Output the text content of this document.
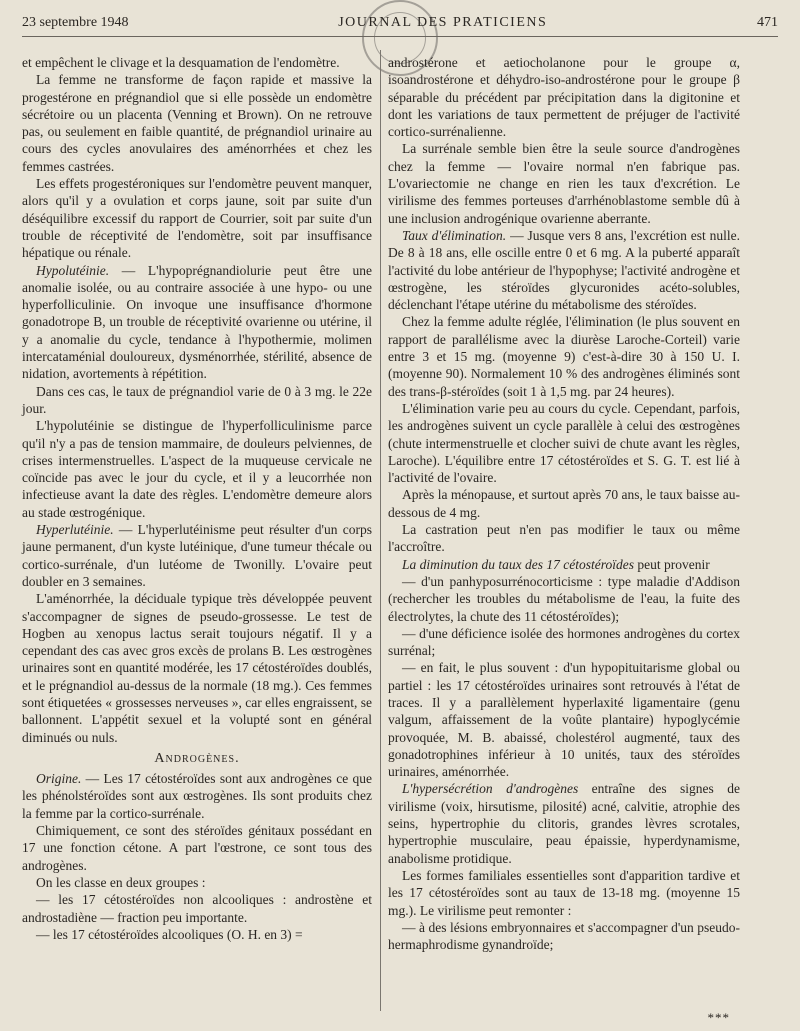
23 septembre 1948	JOURNAL DES PRATICIENS	471

et empêchent le clivage et la desquamation de l'endomètre.

La femme ne transforme de façon rapide et massive la progestérone en prégnandiol que si elle possède un endomètre sécrétoire ou un placenta (Venning et Brown). On ne retrouve pas, ou seulement en faible quantité, de prégnandiol urinaire au cours des cycles anovulaires des aménorrhées et chez les femmes castrées.

Les effets progestéroniques sur l'endomètre peuvent manquer, alors qu'il y a ovulation et corps jaune, soit par suite d'un déséquilibre excessif du rapport de Courrier, soit par suite d'un trouble de réceptivité de l'endomètre, soit par insuffisance hépatique ou rénale.

Hypolutéinie. — L'hypoprégnandiolurie peut être une anomalie isolée, ou au contraire associée à une hypo- ou une hyperfolliculinie. On invoque une insuffisance d'hormone gonadotrope B, un trouble de réceptivité ovarienne ou utérine, il y a anomalie du cycle, tendance à l'hypothermie, molimen intercataménial douloureux, dysménorrhée, stérilité, absence de nidation, avortements à répétition.

Dans ces cas, le taux de prégnandiol varie de 0 à 3 mg. le 22e jour.

L'hypolutéinie se distingue de l'hyperfolliculinisme parce qu'il n'y a pas de tension mammaire, de douleurs pelviennes, de crises intermenstruelles. L'aspect de la muqueuse cervicale ne coïncide pas avec le jour du cycle, et il y a leucorrhée non infectieuse avant la date des règles. L'endomètre demeure alors au stade œstrogénique.

Hyperlutéinie. — L'hyperlutéinisme peut résulter d'un corps jaune permanent, d'un kyste lutéinique, d'une tumeur thécale ou cortico-surrénale, d'un lutéome de Twonilly. L'ovaire peut doubler en 3 semaines.

L'aménorrhée, la déciduale typique très développée peuvent s'accompagner de signes de pseudo-grossesse. Le test de Hogben au xenopus lactus serait toujours négatif. Il y a cependant des cas avec gros excès de prolans B. Les œstrogènes urinaires sont en quantité modérée, les 17 cétostéroïdes doublés, et le prégnandiol au-dessus de la normale (18 mg.). Ces femmes sont étiquetées « grossesses nerveuses », car elles engraissent, se ballonnent. L'appétit sexuel et la volupté sont en général diminués ou nuls.

Androgènes.

Origine. — Les 17 cétostéroïdes sont aux androgènes ce que les phénolstéroïdes sont aux œstrogènes. Ils sont produits chez la femme par la cortico-surrénale.

Chimiquement, ce sont des stéroïdes génitaux possédant en 17 une fonction cétone. A part l'œstrone, ce sont tous des androgènes.

On les classe en deux groupes :

— les 17 cétostéroïdes non alcooliques : androstène et androstadiène — fraction peu importante.

— les 17 cétostéroïdes alcooliques (O. H. en 3) =

androstérone et aetiocholanone pour le groupe α, isoandrostérone et déhydro-iso-androstérone pour le groupe β séparable du précédent par précipitation dans la digitonine et dont les variations de taux permettent de préjuger de l'activité cortico-surrénalienne.

La surrénale semble bien être la seule source d'androgènes chez la femme — l'ovaire normal n'en fabrique pas. L'ovariectomie ne change en rien les taux d'excrétion. Le virilisme des femmes porteuses d'arrhénoblastome semble dû à une inclusion androgénique ovarienne aberrante.

Taux d'élimination. — Jusque vers 8 ans, l'excrétion est nulle. De 8 à 18 ans, elle oscille entre 0 et 6 mg. A la puberté apparaît l'activité du lobe antérieur de l'hypophyse; l'activité androgène et œstrogène, les stéroïdes glycuronides acéto-solubles, déclenchant l'étape utérine du métabolisme des stéroïdes.

Chez la femme adulte réglée, l'élimination (le plus souvent en rapport de parallélisme avec la diurèse Laroche-Corteil) varie entre 3 et 15 mg. (moyenne 9) c'est-à-dire 30 à 150 U. I. (moyenne 90). Normalement 10 % des androgènes éliminés sont des trans-β-stéroïdes (soit 1 à 1,5 mg. par 24 heures).

L'élimination varie peu au cours du cycle. Cependant, parfois, les androgènes suivent un cycle parallèle à celui des œstrogènes (chute intermenstruelle et clocher suivi de chute avant les règles, Laroche). L'équilibre entre 17 cétostéroïdes et S. G. T. est lié à l'activité de l'ovaire.

Après la ménopause, et surtout après 70 ans, le taux baisse au-dessous de 4 mg.

La castration peut n'en pas modifier le taux ou même l'accroître.

La diminution du taux des 17 cétostéroïdes peut provenir

— d'un panhyposurrénocorticisme : type maladie d'Addison (rechercher les troubles du métabolisme de l'eau, la fuite des électrolytes, la chute des 11 cétostéroïdes);

— d'une déficience isolée des hormones androgènes du cortex surrénal;

— en fait, le plus souvent : d'un hypopituitarisme global ou partiel : les 17 cétostéroïdes urinaires sont retrouvés à l'état de traces. Il y a parallèlement hyperlaxité ligamentaire (genu valgum, affaissement de la voûte plantaire) hypoglycémie provoquée, M. B. abaissé, cholestérol augmenté, taux des gonadotrophines inférieur à 10 unités, taux des stéroïdes urinaires, aménorrhée.

L'hypersécrétion d'androgènes entraîne des signes de virilisme (voix, hirsutisme, pilosité) acné, calvitie, atrophie des seins, hypertrophie du clitoris, grandes lèvres scrotales, hypertrophie musculaire, peau épaissie, hyperdynamisme, anabolisme protidique.

Les formes familiales essentielles sont d'apparition tardive et les 17 cétostéroïdes sont au taux de 13-18 mg. (moyenne 15 mg.). Le virilisme peut remonter :

— à des lésions embryonnaires et s'accompagner d'un pseudo-hermaphrodisme gynandroïde;

***
